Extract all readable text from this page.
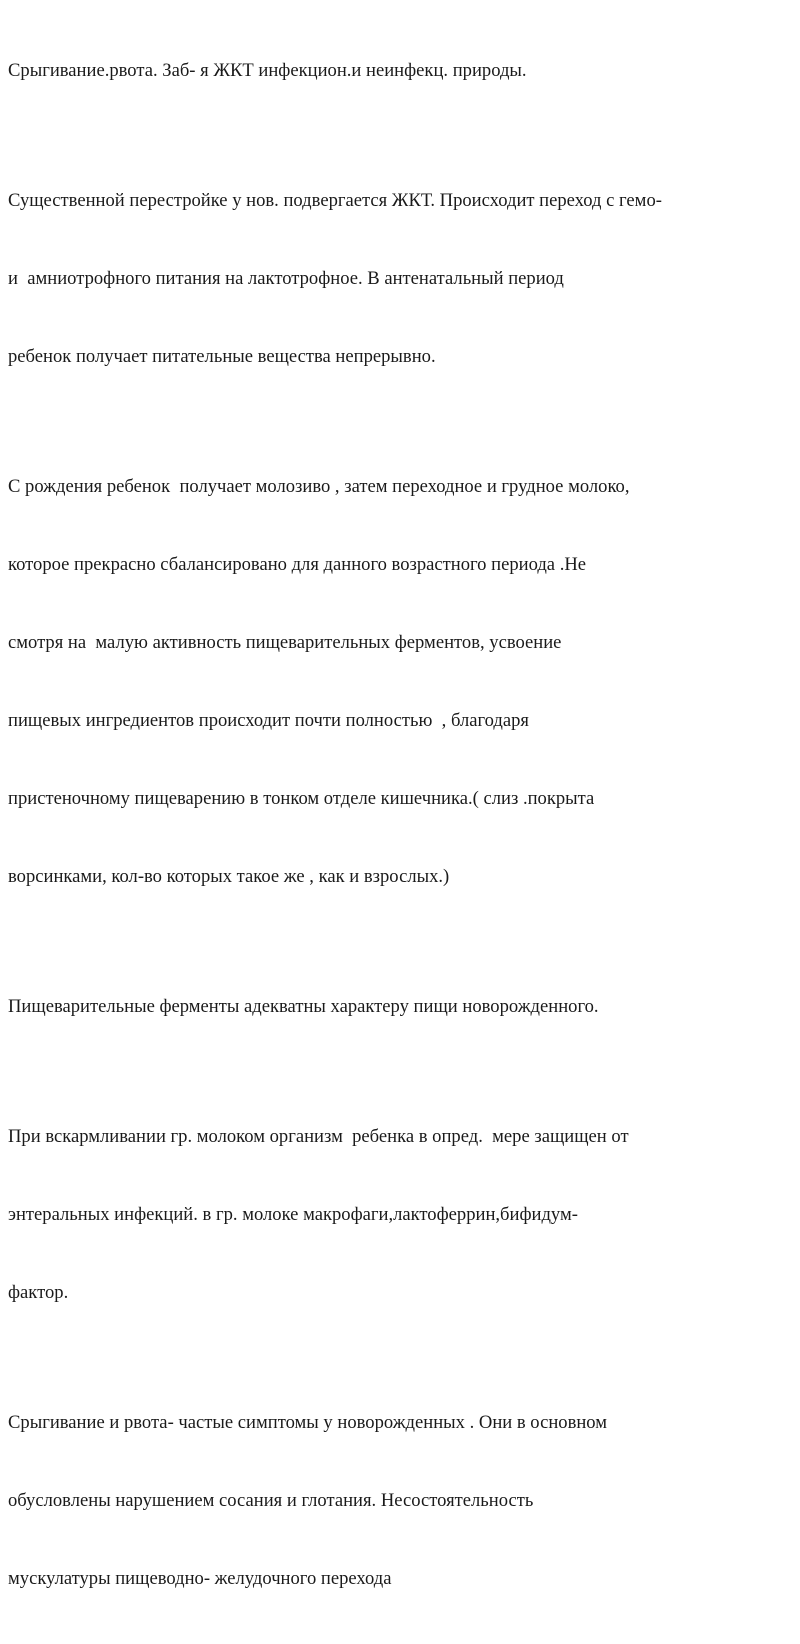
Срыгивание.рвота. Заб- я ЖКТ инфекцион.и неинфекц. природы.

Существенной перестройке у нов. подвергается ЖКТ. Происходит переход с гемо-

и  амниотрофного питания на лактотрофное. В антенатальный период

ребенок получает питательные вещества непрерывно.

С рождения ребенок  получает молозиво , затем переходное и грудное молоко,

которое прекрасно сбалансировано для данного возрастного периода .Не

смотря на  малую активность пищеварительных ферментов, усвоение

пищевых ингредиентов происходит почти полностью  , благодаря

пристеночному пищеварению в тонком отделе кишечника.( слиз .покрыта

ворсинками, кол-во которых такое же , как и взрослых.)

Пищеварительные ферменты адекватны характеру пищи новорожденного.

При вскармливании гр. молоком организм  ребенка в опред.  мере защищен от

энтеральных инфекций. в гр. молоке макрофаги,лактоферрин,бифидум-

фактор.

Срыгивание и рвота- частые симптомы у новорожденных . Они в основном

обусловлены нарушением сосания и глотания. Несостоятельность

мускулатуры пищеводно- желудочного перехода
